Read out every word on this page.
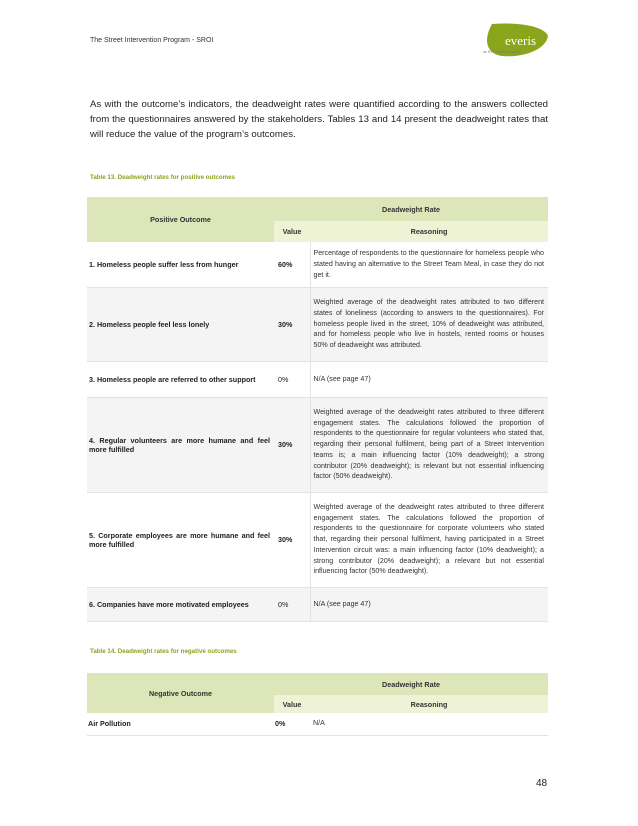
The Street Intervention Program - SROI	everis
an NTT DATA Company

As with the outcome’s indicators, the deadweight rates were quantified according to the answers collected from the questionnaires answered by the stakeholders. Tables 13 and 14 present the deadweight rates that will reduce the value of the program’s outcomes.

Table 13. Deadweight rates for positive outcomes
Positive Outcome	Deadweight Rate	
	Value	Reasoning
1. Homeless people suffer less from hunger	60%	Percentage of respondents to the questionnaire for homeless people who stated having an alternative to the Street Team Meal, in case they do not get it.
2. Homeless people feel less lonely	30%	Weighted average of the deadweight rates attributed to two different states of loneliness (according to answers to the questionnaires). For homeless people lived in the street, 10% of deadweight was attributed, and for homeless people who live in hostels, rented rooms or houses 50% of deadweight was attributed.
3. Homeless people are referred to other support	0%	N/A (see page 47)
4. Regular volunteers are more humane and feel more fulfilled	30%	Weighted average of the deadweight rates attributed to three different engagement states. The calculations followed the proportion of respondents to the questionnaire for regular volunteers who stated that, regarding their personal fulfilment, being part of a Street Intervention teams is; a main influencing factor (10% deadweight); a strong contributor (20% deadweight); is relevant but not essential influencing factor (50% deadweight).
5. Corporate employees are more humane and feel more fulfilled	30%	Weighted average of the deadweight rates attributed to three different engagement states. The calculations followed the proportion of respondents to the questionnaire for corporate volunteers who stated that, regarding their personal fulfilment, having participated in a Street Intervention circuit was: a main influencing factor (10% deadweight); a strong contributor (20% deadweight); a relevant but not essential influencing factor (50% deadweight).
6. Companies have more motivated employees	0%	N/A (see page 47)
Table 14. Deadweight rates for negative outcomes
Negative Outcome	Deadweight Rate	
	Value	Reasoning
Air Pollution	0%	N/A
48
